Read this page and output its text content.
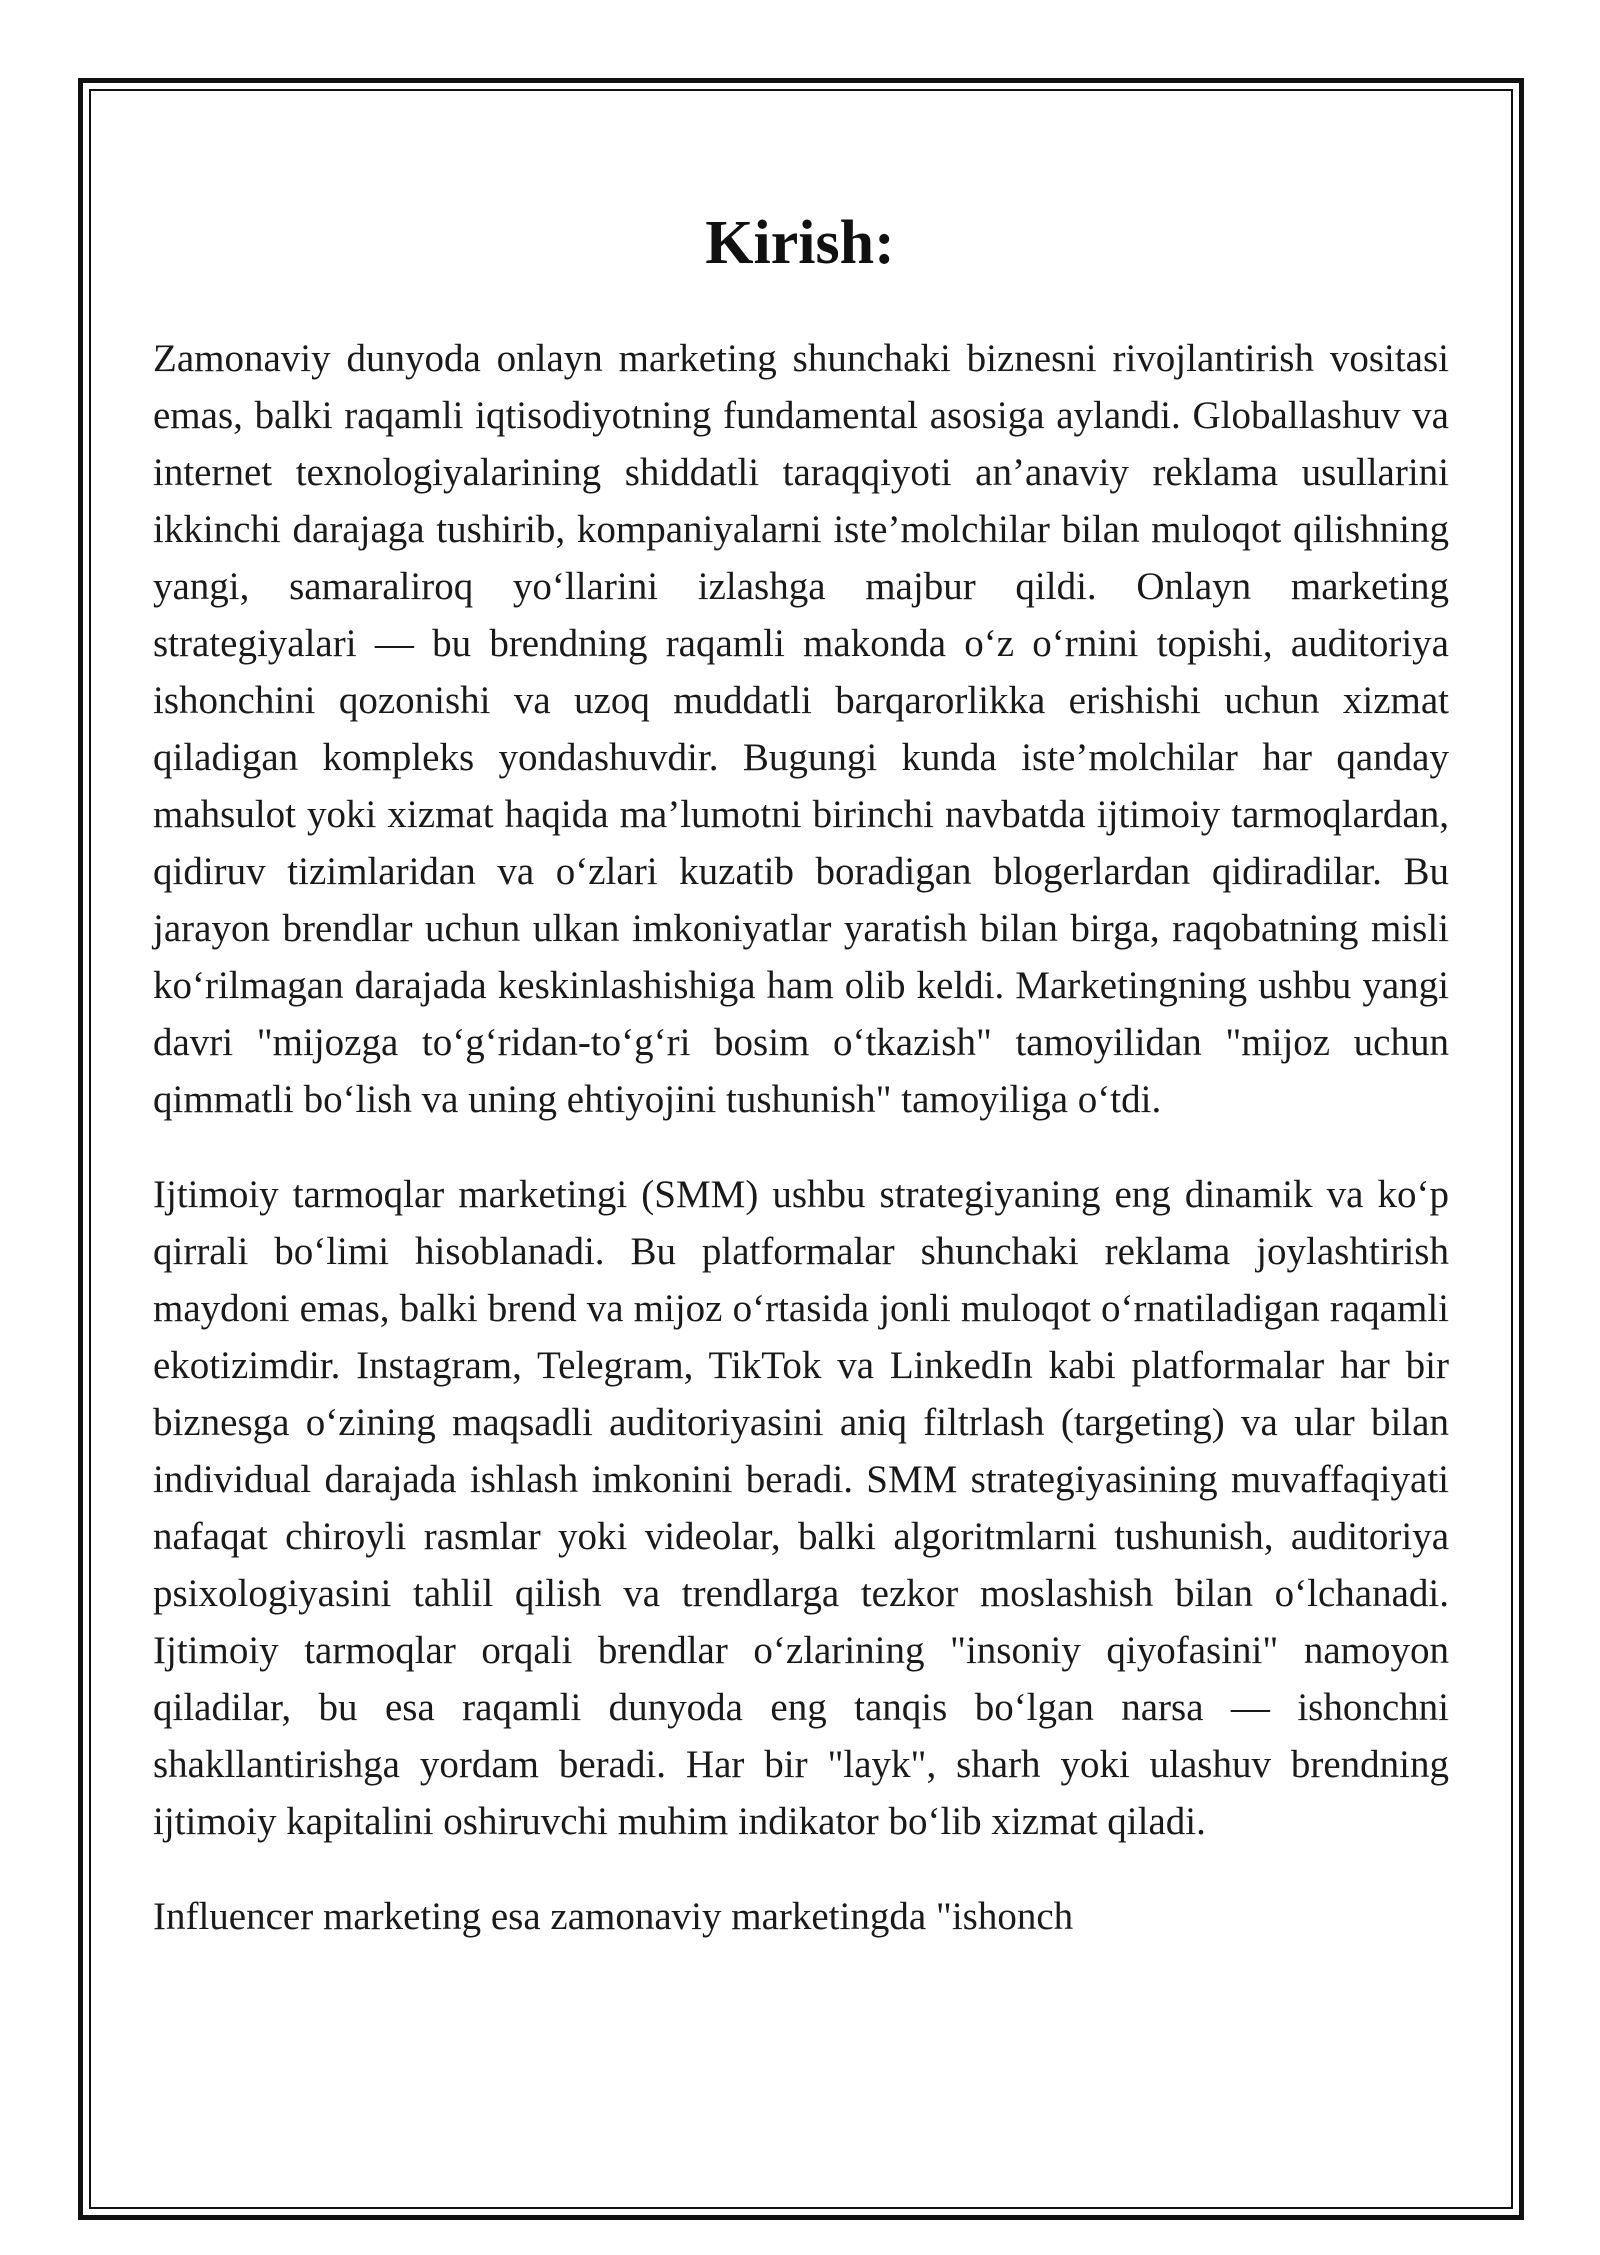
Kirish:

Zamonaviy dunyoda onlayn marketing shunchaki biznesni rivojlantirish vositasi emas, balki raqamli iqtisodiyotning fundamental asosiga aylandi. Globallashuv va internet texnologiyalarining shiddatli taraqqiyoti an’anaviy reklama usullarini ikkinchi darajaga tushirib, kompaniyalarni iste’molchilar bilan muloqot qilishning yangi, samaraliroq yo‘llarini izlashga majbur qildi. Onlayn marketing strategiyalari — bu brendning raqamli makonda o‘z o‘rnini topishi, auditoriya ishonchini qozonishi va uzoq muddatli barqarorlikka erishishi uchun xizmat qiladigan kompleks yondashuvdir. Bugungi kunda iste’molchilar har qanday mahsulot yoki xizmat haqida ma’lumotni birinchi navbatda ijtimoiy tarmoqlardan, qidiruv tizimlaridan va o‘zlari kuzatib boradigan blogerlardan qidiradilar. Bu jarayon brendlar uchun ulkan imkoniyatlar yaratish bilan birga, raqobatning misli ko‘rilmagan darajada keskinlashishiga ham olib keldi. Marketingning ushbu yangi davri "mijozga to‘g‘ridan-to‘g‘ri bosim o‘tkazish" tamoyilidan "mijoz uchun qimmatli bo‘lish va uning ehtiyojini tushunish" tamoyiliga o‘tdi.

Ijtimoiy tarmoqlar marketingi (SMM) ushbu strategiyaning eng dinamik va ko‘p qirrali bo‘limi hisoblanadi. Bu platformalar shunchaki reklama joylashtirish maydoni emas, balki brend va mijoz o‘rtasida jonli muloqot o‘rnatiladigan raqamli ekotizimdir. Instagram, Telegram, TikTok va LinkedIn kabi platformalar har bir biznesga o‘zining maqsadli auditoriyasini aniq filtrlash (targeting) va ular bilan individual darajada ishlash imkonini beradi. SMM strategiyasining muvaffaqiyati nafaqat chiroyli rasmlar yoki videolar, balki algoritmlarni tushunish, auditoriya psixologiyasini tahlil qilish va trendlarga tezkor moslashish bilan o‘lchanadi. Ijtimoiy tarmoqlar orqali brendlar o‘zlarining "insoniy qiyofasini" namoyon qiladilar, bu esa raqamli dunyoda eng tanqis bo‘lgan narsa — ishonchni shakllantirishga yordam beradi. Har bir "layk", sharh yoki ulashuv brendning ijtimoiy kapitalini oshiruvchi muhim indikator bo‘lib xizmat qiladi.

Influencer marketing esa zamonaviy marketingda "ishonch
